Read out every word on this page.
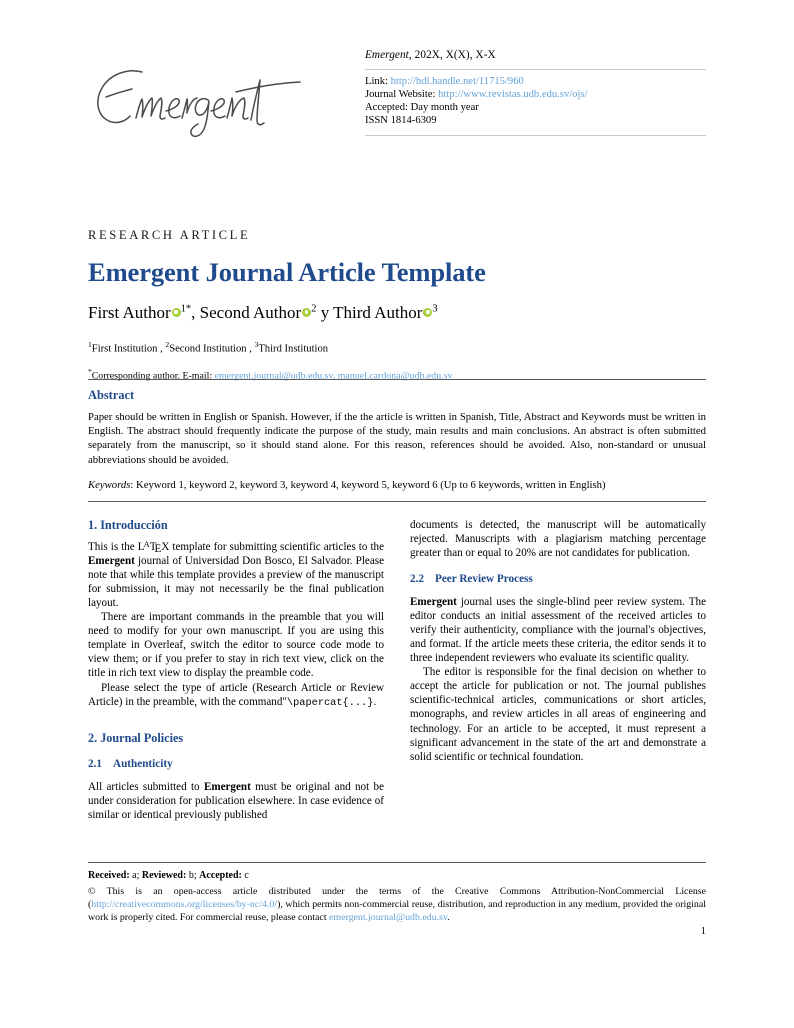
Emergent, 202X, X(X), X-X
Link: http://hdl.handle.net/11715/960
Journal Website: http://www.revistas.udb.edu.sv/ojs/
Accepted: Day month year
ISSN 1814-6309
RESEARCH ARTICLE
Emergent Journal Article Template
First Author $^{1*}$, Second Author $^2$ y Third Author $^3$
$^1$First Institution , $^2$Second Institution , $^3$Third Institution
*Corresponding author. E-mail: emergent.journal@udb.edu.sv, manuel.cardona@udb.edu.sv
Abstract

Paper should be written in English or Spanish. However, if the the article is written in Spanish, Title, Abstract and Keywords must be written in English. The abstract should frequently indicate the purpose of the study, main results and main conclusions. An abstract is often submitted separately from the manuscript, so it should stand alone. For this reason, references should be avoided. Also, non-standard or unusual abbreviations should be avoided.

Keywords: Keyword 1, keyword 2, keyword 3, keyword 4, keyword 5, keyword 6 (Up to 6 keywords, written in English)

1. Introducción

This is the $L^ATEX$ template for submitting scientific articles to the Emergent journal of Universidad Don Bosco, El Salvador. Please note that while this template provides a preview of the manuscript for submission, it may not necessarily be the final publication layout.

There are important commands in the preamble that you will need to modify for your own manuscript. If you are using this template in Overleaf, switch the editor to source code mode to view them; or if you prefer to stay in rich text view, click on the title in rich text view to display the preamble code.

Please select the type of article (Research Article or Review Article) in the preamble, with the command"\papercat{...}.

2. Journal Policies
2.1 Authenticity

All articles submitted to Emergent must be original and not be under consideration for publication elsewhere. In case evidence of similar or identical previously published

documents is detected, the manuscript will be automatically rejected. Manuscripts with a plagiarism matching percentage greater than or equal to 20% are not candidates for publication.

2.2 Peer Review Process

Emergent journal uses the single-blind peer review system. The editor conducts an initial assessment of the received articles to verify their authenticity, compliance with the journal's objectives, and format. If the article meets these criteria, the editor sends it to three independent reviewers who evaluate its scientific quality.

The editor is responsible for the final decision on whether to accept the article for publication or not. The journal publishes scientific-technical articles, communications or short articles, monographs, and review articles in all areas of engineering and technology. For an article to be accepted, it must represent a significant advancement in the state of the art and demonstrate a solid scientific or technical foundation.

Received: a; Reviewed: b; Accepted: c

© This is an open-access article distributed under the terms of the Creative Commons Attribution-NonCommercial License (http://creativecommons.org/licenses/by-nc/4.0/), which permits non-commercial reuse, distribution, and reproduction in any medium, provided the original work is properly cited. For commercial reuse, please contact emergent.journal@udb.edu.sv.

1
